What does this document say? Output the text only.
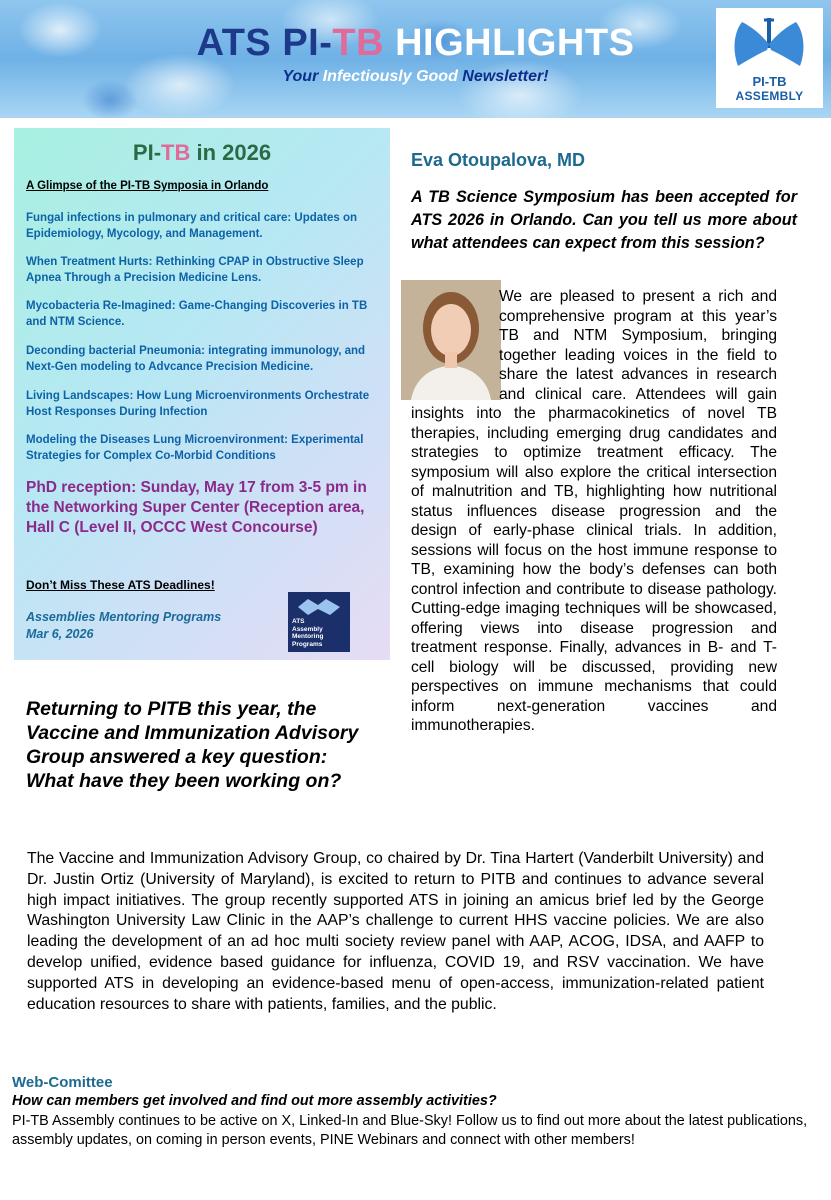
ATS PI-TB HIGHLIGHTS
Your Infectiously Good Newsletter!	PI-TB
ASSEMBLY
PI-TB in 2026
A Glimpse of the PI-TB Symposia in Orlando
Fungal infections in pulmonary and critical care: Updates on Epidemiology, Mycology, and Management.
When Treatment Hurts: Rethinking CPAP in Obstructive Sleep Apnea Through a Precision Medicine Lens.
Mycobacteria Re-Imagined: Game-Changing Discoveries in TB and NTM Science.
Deconding bacterial Pneumonia: integrating immunology, and Next-Gen modeling to Advcance Precision Medicine.
Living Landscapes: How Lung Microenvironments Orchestrate Host Responses During Infection
Modeling the Diseases Lung Microenvironment: Experimental Strategies for Complex Co-Morbid Conditions
PhD reception: Sunday, May 17 from 3-5 pm in the Networking Super Center (Reception area, Hall C (Level II, OCCC West Concourse)
Don’t Miss These ATS Deadlines!
Assemblies Mentoring Programs
Mar 6, 2026
ATS
Assembly
Mentoring
Programs
Eva Otoupalova, MD
A TB Science Symposium has been accepted for ATS 2026 in Orlando. Can you tell us more about what attendees can expect from this session?

We are pleased to present a rich and comprehensive program at this year’s TB and NTM Symposium, bringing together leading voices in the field to share the latest advances in research and clinical care. Attendees will gain insights into the pharmacokinetics of novel TB therapies, including emerging drug candidates and strategies to optimize treatment efficacy. The symposium will also explore the critical intersection of malnutrition and TB, highlighting how nutritional status influences disease progression and the design of early-phase clinical trials. In addition, sessions will focus on the host immune response to TB, examining how the body’s defenses can both control infection and contribute to disease pathology. Cutting-edge imaging techniques will be showcased, offering views into disease progression and treatment response. Finally, advances in B- and T-cell biology will be discussed, providing new perspectives on immune mechanisms that could inform next-generation vaccines and immunotherapies.

Returning to PITB this year, the Vaccine and Immunization Advisory Group answered a key question: What have they been working on?

The Vaccine and Immunization Advisory Group, co chaired by Dr. Tina Hartert (Vanderbilt University) and Dr. Justin Ortiz (University of Maryland), is excited to return to PITB and continues to advance several high impact initiatives. The group recently supported ATS in joining an amicus brief led by the George Washington University Law Clinic in the AAP’s challenge to current HHS vaccine policies. We are also leading the development of an ad hoc multi society review panel with AAP, ACOG, IDSA, and AAFP to develop unified, evidence based guidance for influenza, COVID 19, and RSV vaccination. We have supported ATS in developing an evidence-based menu of open-access, immunization-related patient education resources to share with patients, families, and the public.

Web-Comittee
How can members get involved and find out more assembly activities?

PI-TB Assembly continues to be active on X, Linked-In and Blue-Sky! Follow us to find out more about the latest publications, assembly updates, on coming in person events, PINE Webinars and connect with other members!
